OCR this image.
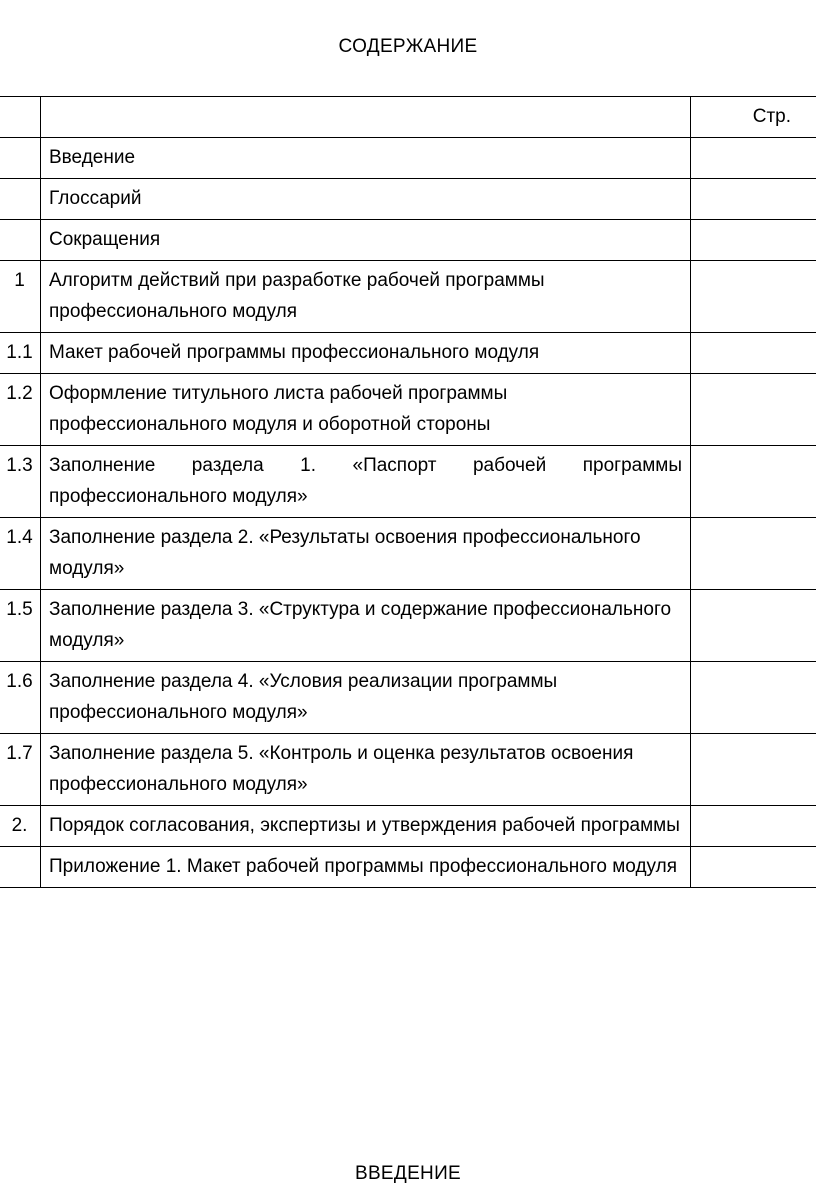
СОДЕРЖАНИЕ
		Стр.
	Введение	
	Глоссарий	
	Сокращения	
1	Алгоритм действий при разработке рабочей программы профессионального модуля	
1.1	Макет рабочей программы профессионального модуля	
1.2	Оформление титульного листа рабочей программы профессионального модуля и оборотной стороны	
1.3	Заполнение раздела 1. «Паспорт рабочей программы профессионального модуля»	
1.4	Заполнение раздела 2. «Результаты освоения профессионального модуля»	
1.5	Заполнение раздела 3. «Структура и содержание профессионального модуля»	
1.6	Заполнение раздела 4. «Условия реализации программы профессионального модуля»	
1.7	Заполнение раздела 5. «Контроль и оценка результатов освоения профессионального модуля»	
2.	Порядок согласования, экспертизы и утверждения рабочей программы	
	Приложение 1. Макет рабочей программы профессионального модуля	
ВВЕДЕНИЕ
